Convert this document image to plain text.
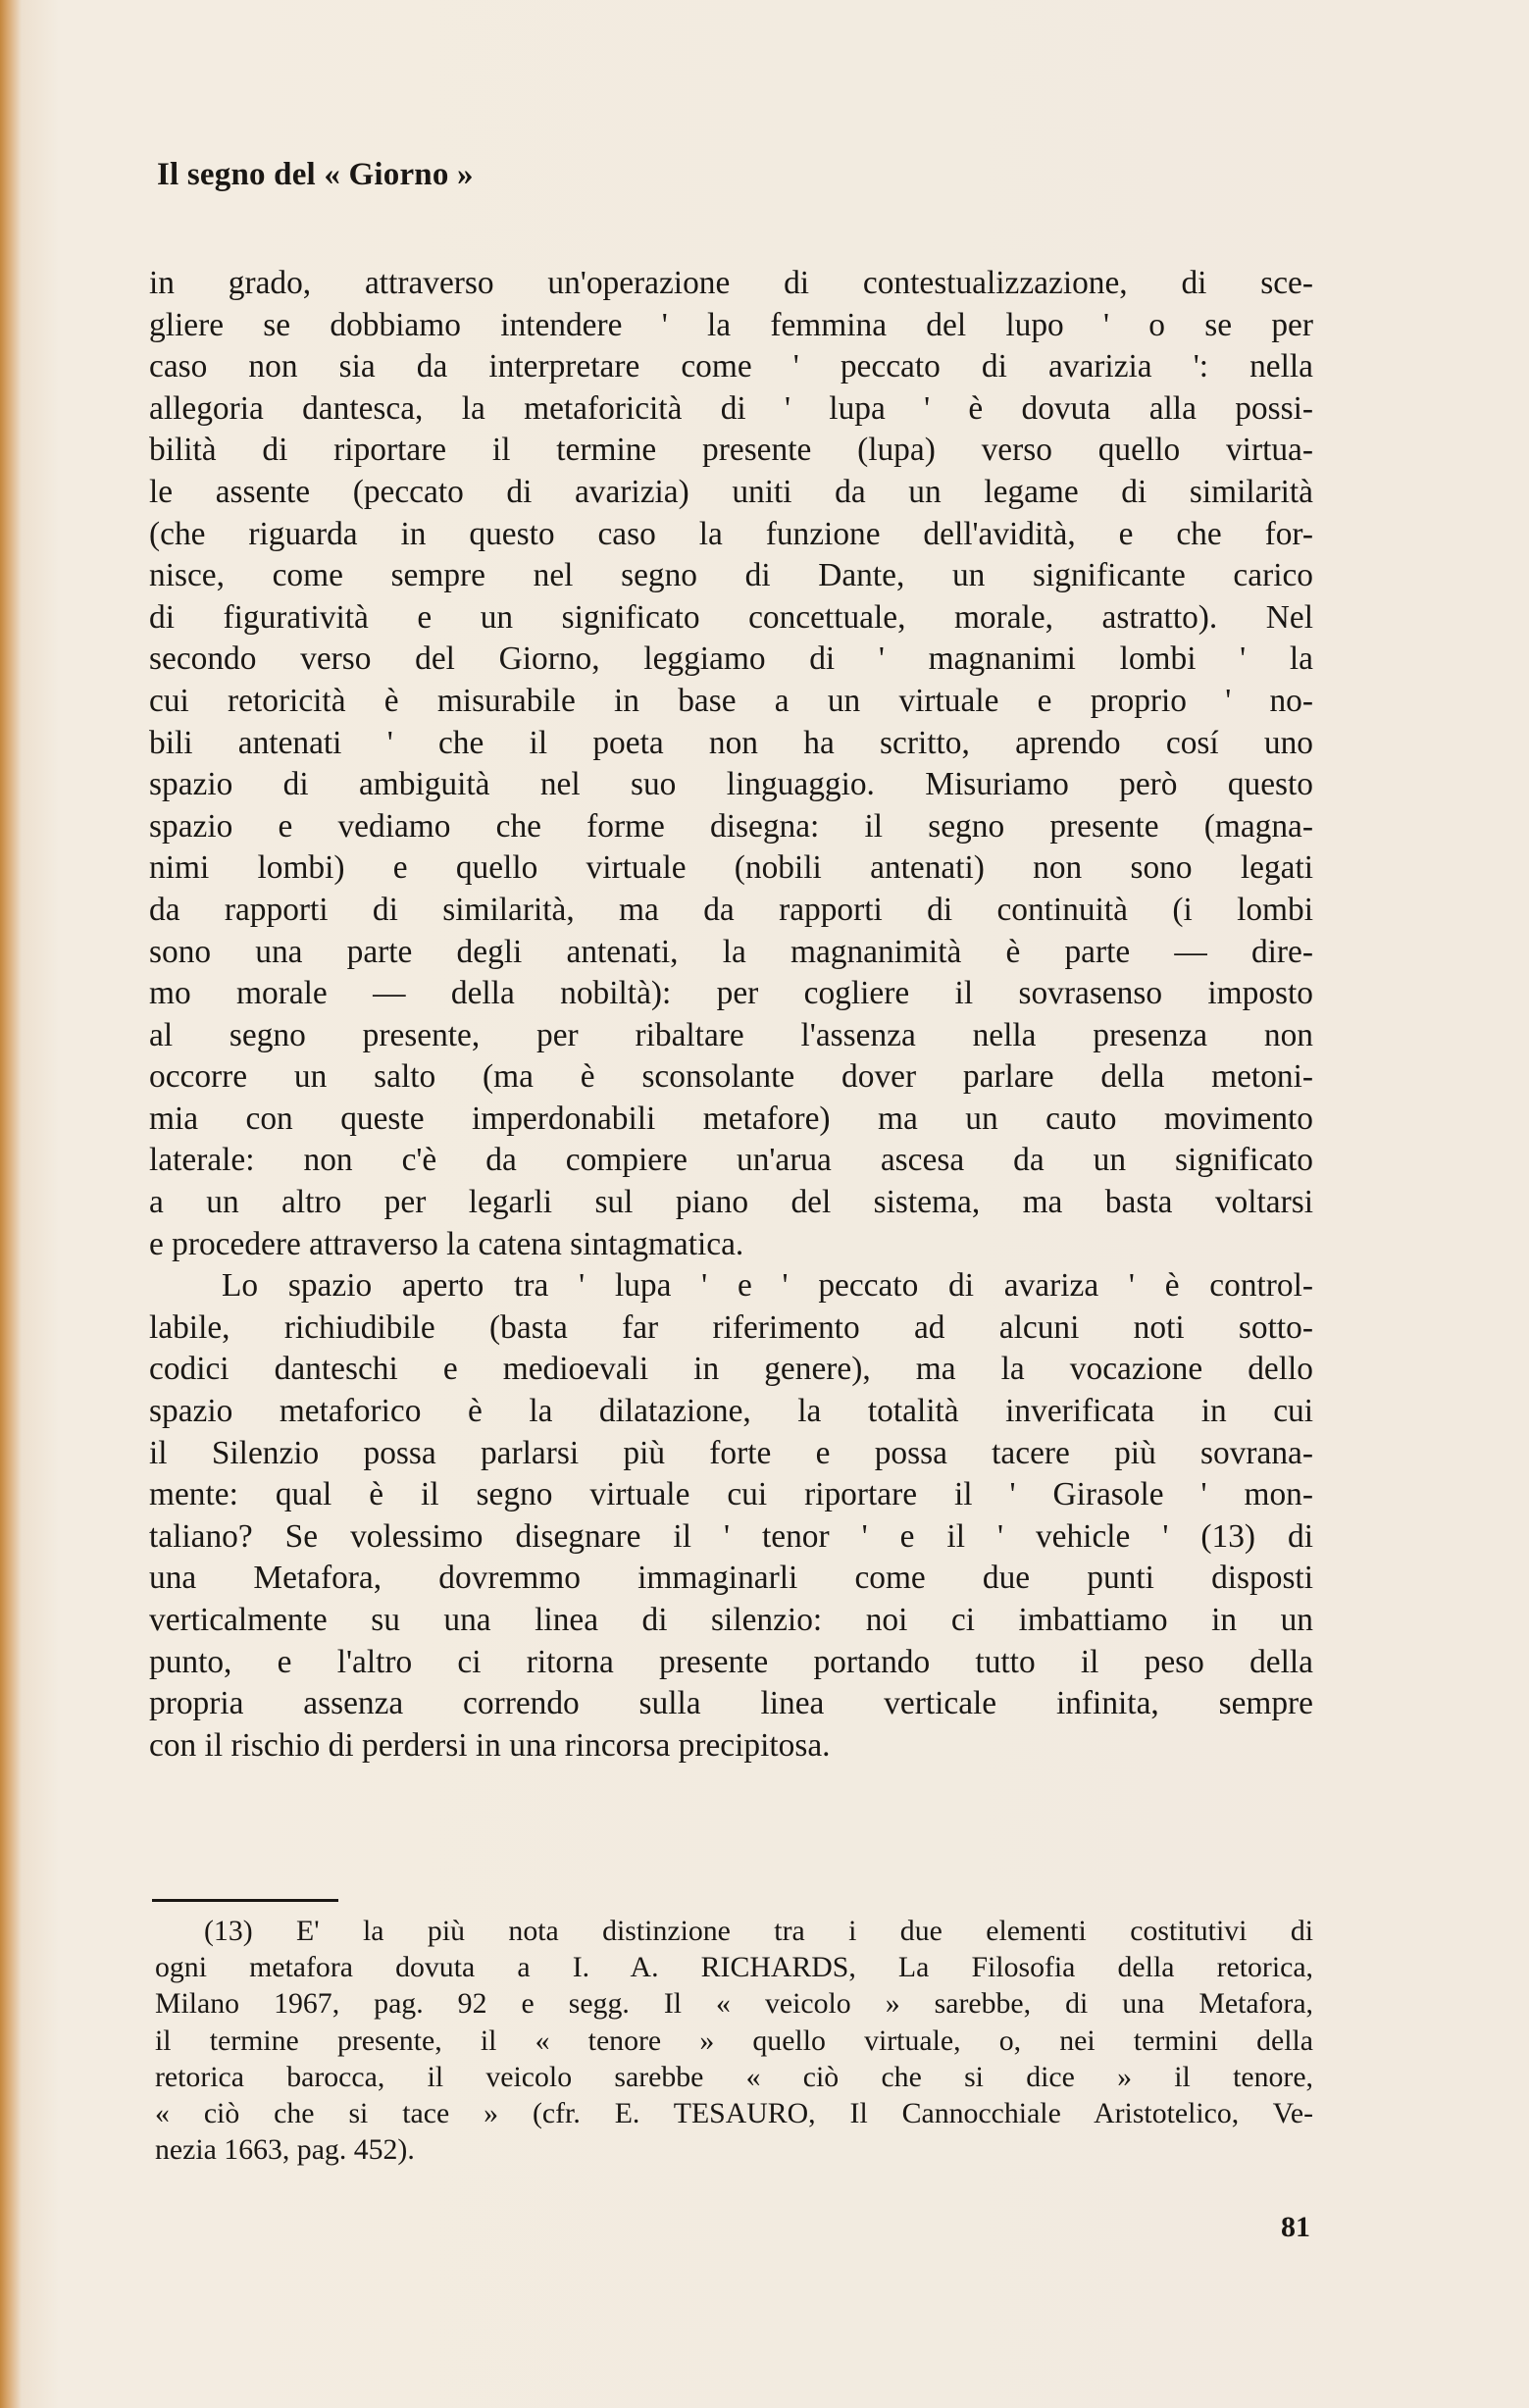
Il segno del « Giorno »
in grado, attraverso un'operazione di contestualizzazione, di sce-
gliere se dobbiamo intendere ' la femmina del lupo ' o se per
caso non sia da interpretare come ' peccato di avarizia ': nella
allegoria dantesca, la metaforicità di ' lupa ' è dovuta alla possi-
bilità di riportare il termine presente (lupa) verso quello virtua-
le assente (peccato di avarizia) uniti da un legame di similarità
(che riguarda in questo caso la funzione dell'avidità, e che for-
nisce, come sempre nel segno di Dante, un significante carico
di figuratività e un significato concettuale, morale, astratto). Nel
secondo verso del Giorno, leggiamo di ' magnanimi lombi ' la
cui retoricità è misurabile in base a un virtuale e proprio ' no-
bili antenati ' che il poeta non ha scritto, aprendo cosí uno
spazio di ambiguità nel suo linguaggio. Misuriamo però questo
spazio e vediamo che forme disegna: il segno presente (magna-
nimi lombi) e quello virtuale (nobili antenati) non sono legati
da rapporti di similarità, ma da rapporti di continuità (i lombi
sono una parte degli antenati, la magnanimità è parte — dire-
mo morale — della nobiltà): per cogliere il sovrasenso imposto
al segno presente, per ribaltare l'assenza nella presenza non
occorre un salto (ma è sconsolante dover parlare della metoni-
mia con queste imperdonabili metafore) ma un cauto movimento
laterale: non c'è da compiere un'arua ascesa da un significato
a un altro per legarli sul piano del sistema, ma basta voltarsi
e procedere attraverso la catena sintagmatica.
Lo spazio aperto tra ' lupa ' e ' peccato di avariza ' è control-
labile, richiudibile (basta far riferimento ad alcuni noti sotto-
codici danteschi e medioevali in genere), ma la vocazione dello
spazio metaforico è la dilatazione, la totalità inverificata in cui
il Silenzio possa parlarsi più forte e possa tacere più sovrana-
mente: qual è il segno virtuale cui riportare il ' Girasole ' mon-
taliano? Se volessimo disegnare il ' tenor ' e il ' vehicle ' (13) di
una Metafora, dovremmo immaginarli come due punti disposti
verticalmente su una linea di silenzio: noi ci imbattiamo in un
punto, e l'altro ci ritorna presente portando tutto il peso della
propria assenza correndo sulla linea verticale infinita, sempre
con il rischio di perdersi in una rincorsa precipitosa.
(13) E' la più nota distinzione tra i due elementi costitutivi di
ogni metafora dovuta a I. A. RICHARDS, La Filosofia della retorica,
Milano 1967, pag. 92 e segg. Il « veicolo » sarebbe, di una Metafora,
il termine presente, il « tenore » quello virtuale, o, nei termini della
retorica barocca, il veicolo sarebbe « ciò che si dice » il tenore,
« ciò che si tace » (cfr. E. TESAURO, Il Cannocchiale Aristotelico, Ve-
nezia 1663, pag. 452).
81
